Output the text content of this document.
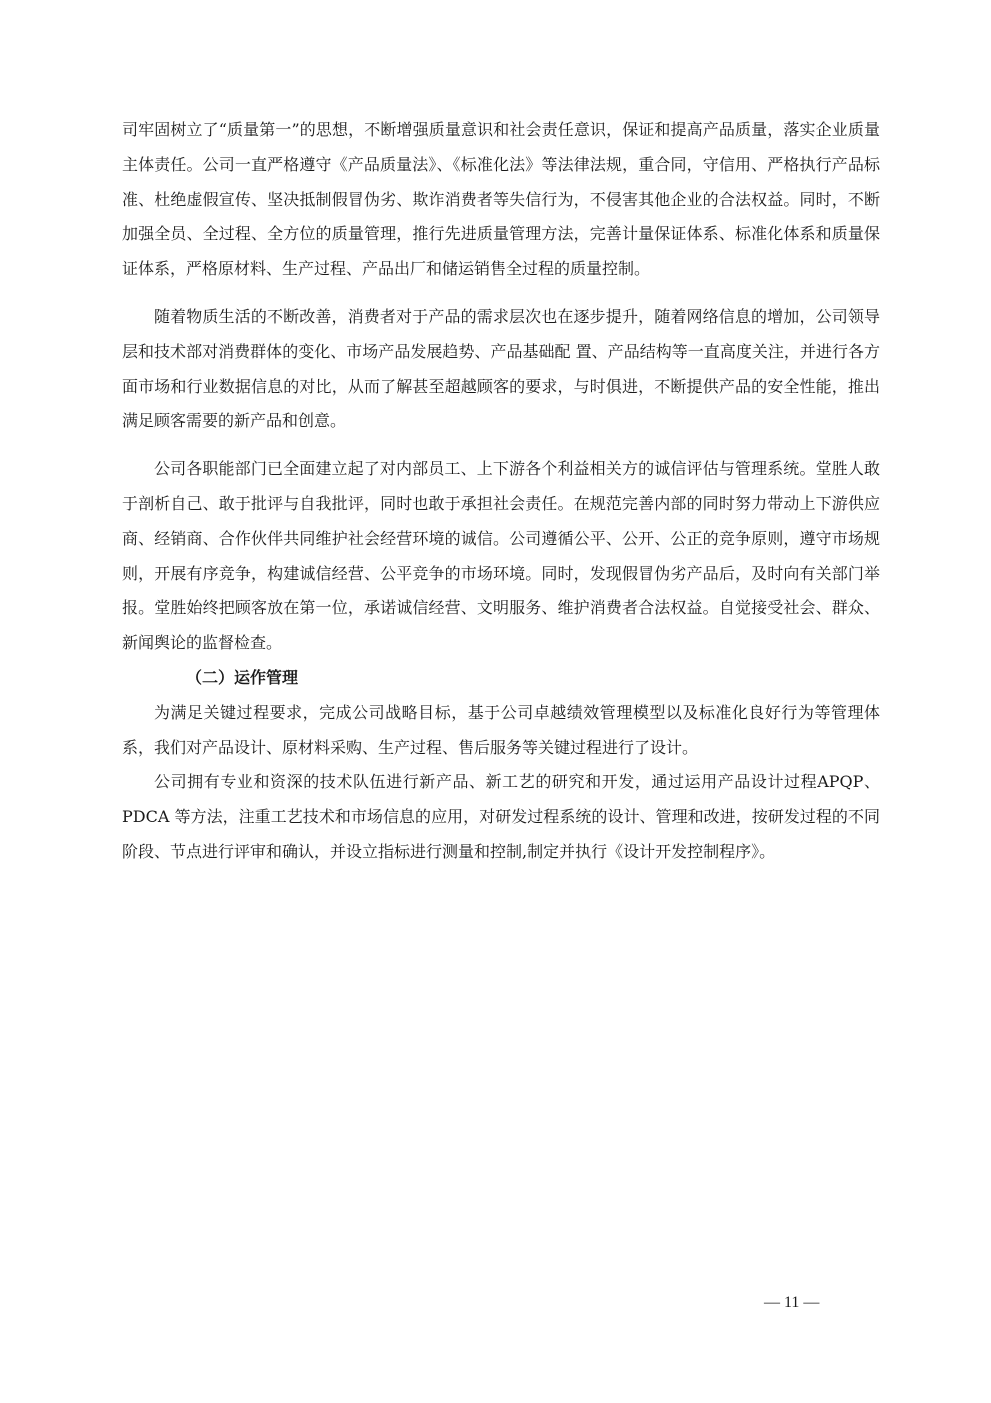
司牢固树立了“质量第一”的思想，不断增强质量意识和社会责任意识，保证和提高产品质量，落实企业质量主体责任。公司一直严格遵守《产品质量法》、《标准化法》等法律法规，重合同，守信用、严格执行产品标准、杜绝虚假宣传、坚决抵制假冒伪劣、欺诈消费者等失信行为，不侵害其他企业的合法权益。同时，不断加强全员、全过程、全方位的质量管理，推行先进质量管理方法，完善计量保证体系、标准化体系和质量保证体系，严格原材料、生产过程、产品出厂和储运销售全过程的质量控制。

随着物质生活的不断改善，消费者对于产品的需求层次也在逐步提升，随着网络信息的增加，公司领导层和技术部对消费群体的变化、市场产品发展趋势、产品基础配 置、产品结构等一直高度关注，并进行各方面市场和行业数据信息的对比，从而了解甚至超越顾客的要求，与时俱进，不断提供产品的安全性能，推出满足顾客需要的新产品和创意。

公司各职能部门已全面建立起了对内部员工、上下游各个利益相关方的诚信评估与管理系统。堂胜人敢于剖析自己、敢于批评与自我批评，同时也敢于承担社会责任。在规范完善内部的同时努力带动上下游供应商、经销商、合作伙伴共同维护社会经营环境的诚信。公司遵循公平、公开、公正的竞争原则，遵守市场规则，开展有序竞争，构建诚信经营、公平竞争的市场环境。同时，发现假冒伪劣产品后，及时向有关部门举报。堂胜始终把顾客放在第一位，承诺诚信经营、文明服务、维护消费者合法权益。自觉接受社会、群众、新闻舆论的监督检查。

（二）运作管理

为满足关键过程要求，完成公司战略目标，基于公司卓越绩效管理模型以及标准化良好行为等管理体系，我们对产品设计、原材料采购、生产过程、售后服务等关键过程进行了设计。

公司拥有专业和资深的技术队伍进行新产品、新工艺的研究和开发，通过运用产品设计过程APQP、PDCA 等方法，注重工艺技术和市场信息的应用，对研发过程系统的设计、管理和改进，按研发过程的不同阶段、节点进行评审和确认，并设立指标进行测量和控制,制定并执行《设计开发控制程序》。

— 11 —
